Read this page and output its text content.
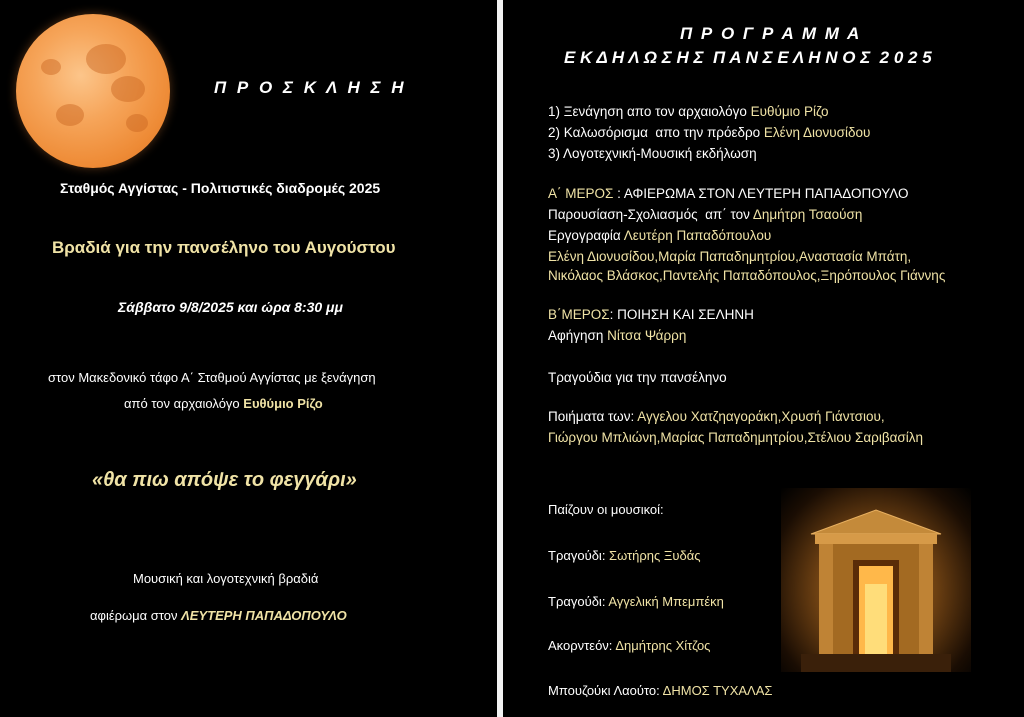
Π Ρ Ο Σ Κ Λ Η Σ Η
Σταθμός Αγγίστας - Πολιτιστικές διαδρομές 2025
Βραδιά για την πανσέληνο του Αυγούστου
Σάββατο 9/8/2025 και ώρα 8:30 μμ
στον Μακεδονικό τάφο Α΄ Σταθμού Αγγίστας με ξενάγηση
από τον αρχαιολόγο Ευθύμιο Ρίζο
«θα πιω απόψε το φεγγάρι»
Μουσική και λογοτεχνική βραδιά
αφιέρωμα στον ΛΕΥΤΕΡΗ ΠΑΠΑΔΟΠΟΥΛΟ
Π Ρ Ο Γ Ρ Α Μ Μ Α
Ε Κ Δ Η Λ Ω Σ Η Σ  Π Α Ν Σ Ε Λ Η Ν Ο Σ  2 0 2 5
1) Ξενάγηση απο τον αρχαιολόγο Ευθύμιο Ρίζο
2) Καλωσόρισμα  απο την πρόεδρο Ελένη Διονυσίδου
3) Λογοτεχνική-Μουσική εκδήλωση
Α΄ ΜΕΡΟΣ : ΑΦΙΕΡΩΜΑ ΣΤΟΝ ΛΕΥΤΕΡΗ ΠΑΠΑΔΟΠΟΥΛΟ
Παρουσίαση-Σχολιασμός  απ΄ τον Δημήτρη Τσαούση
Εργογραφία Λευτέρη Παπαδόπουλου
Ελένη Διονυσίδου,Μαρία Παπαδημητρίου,Αναστασία Μπάτη,
Νικόλαος Βλάσκος,Παντελής Παπαδόπουλος,Ξηρόπουλος Γιάννης
Β΄ΜΕΡΟΣ: ΠΟΙΗΣΗ ΚΑΙ ΣΕΛΗΝΗ
Αφήγηση Νίτσα Ψάρρη
Τραγούδια για την πανσέληνο
Ποιήματα των: Αγγελου Χατζηαγοράκη,Χρυσή Γιάντσιου,
Γιώργου Μπλιώνη,Μαρίας Παπαδημητρίου,Στέλιου Σαριβασίλη
Παίζουν οι μουσικοί:
Τραγούδι: Σωτήρης Ξυδάς
Τραγούδι: Αγγελική Μπεμπέκη
Ακορντεόν: Δημήτρης Χίτζος
Μπουζούκι Λαούτο: ΔΗΜΟΣ ΤΥΧΑΛΑΣ
